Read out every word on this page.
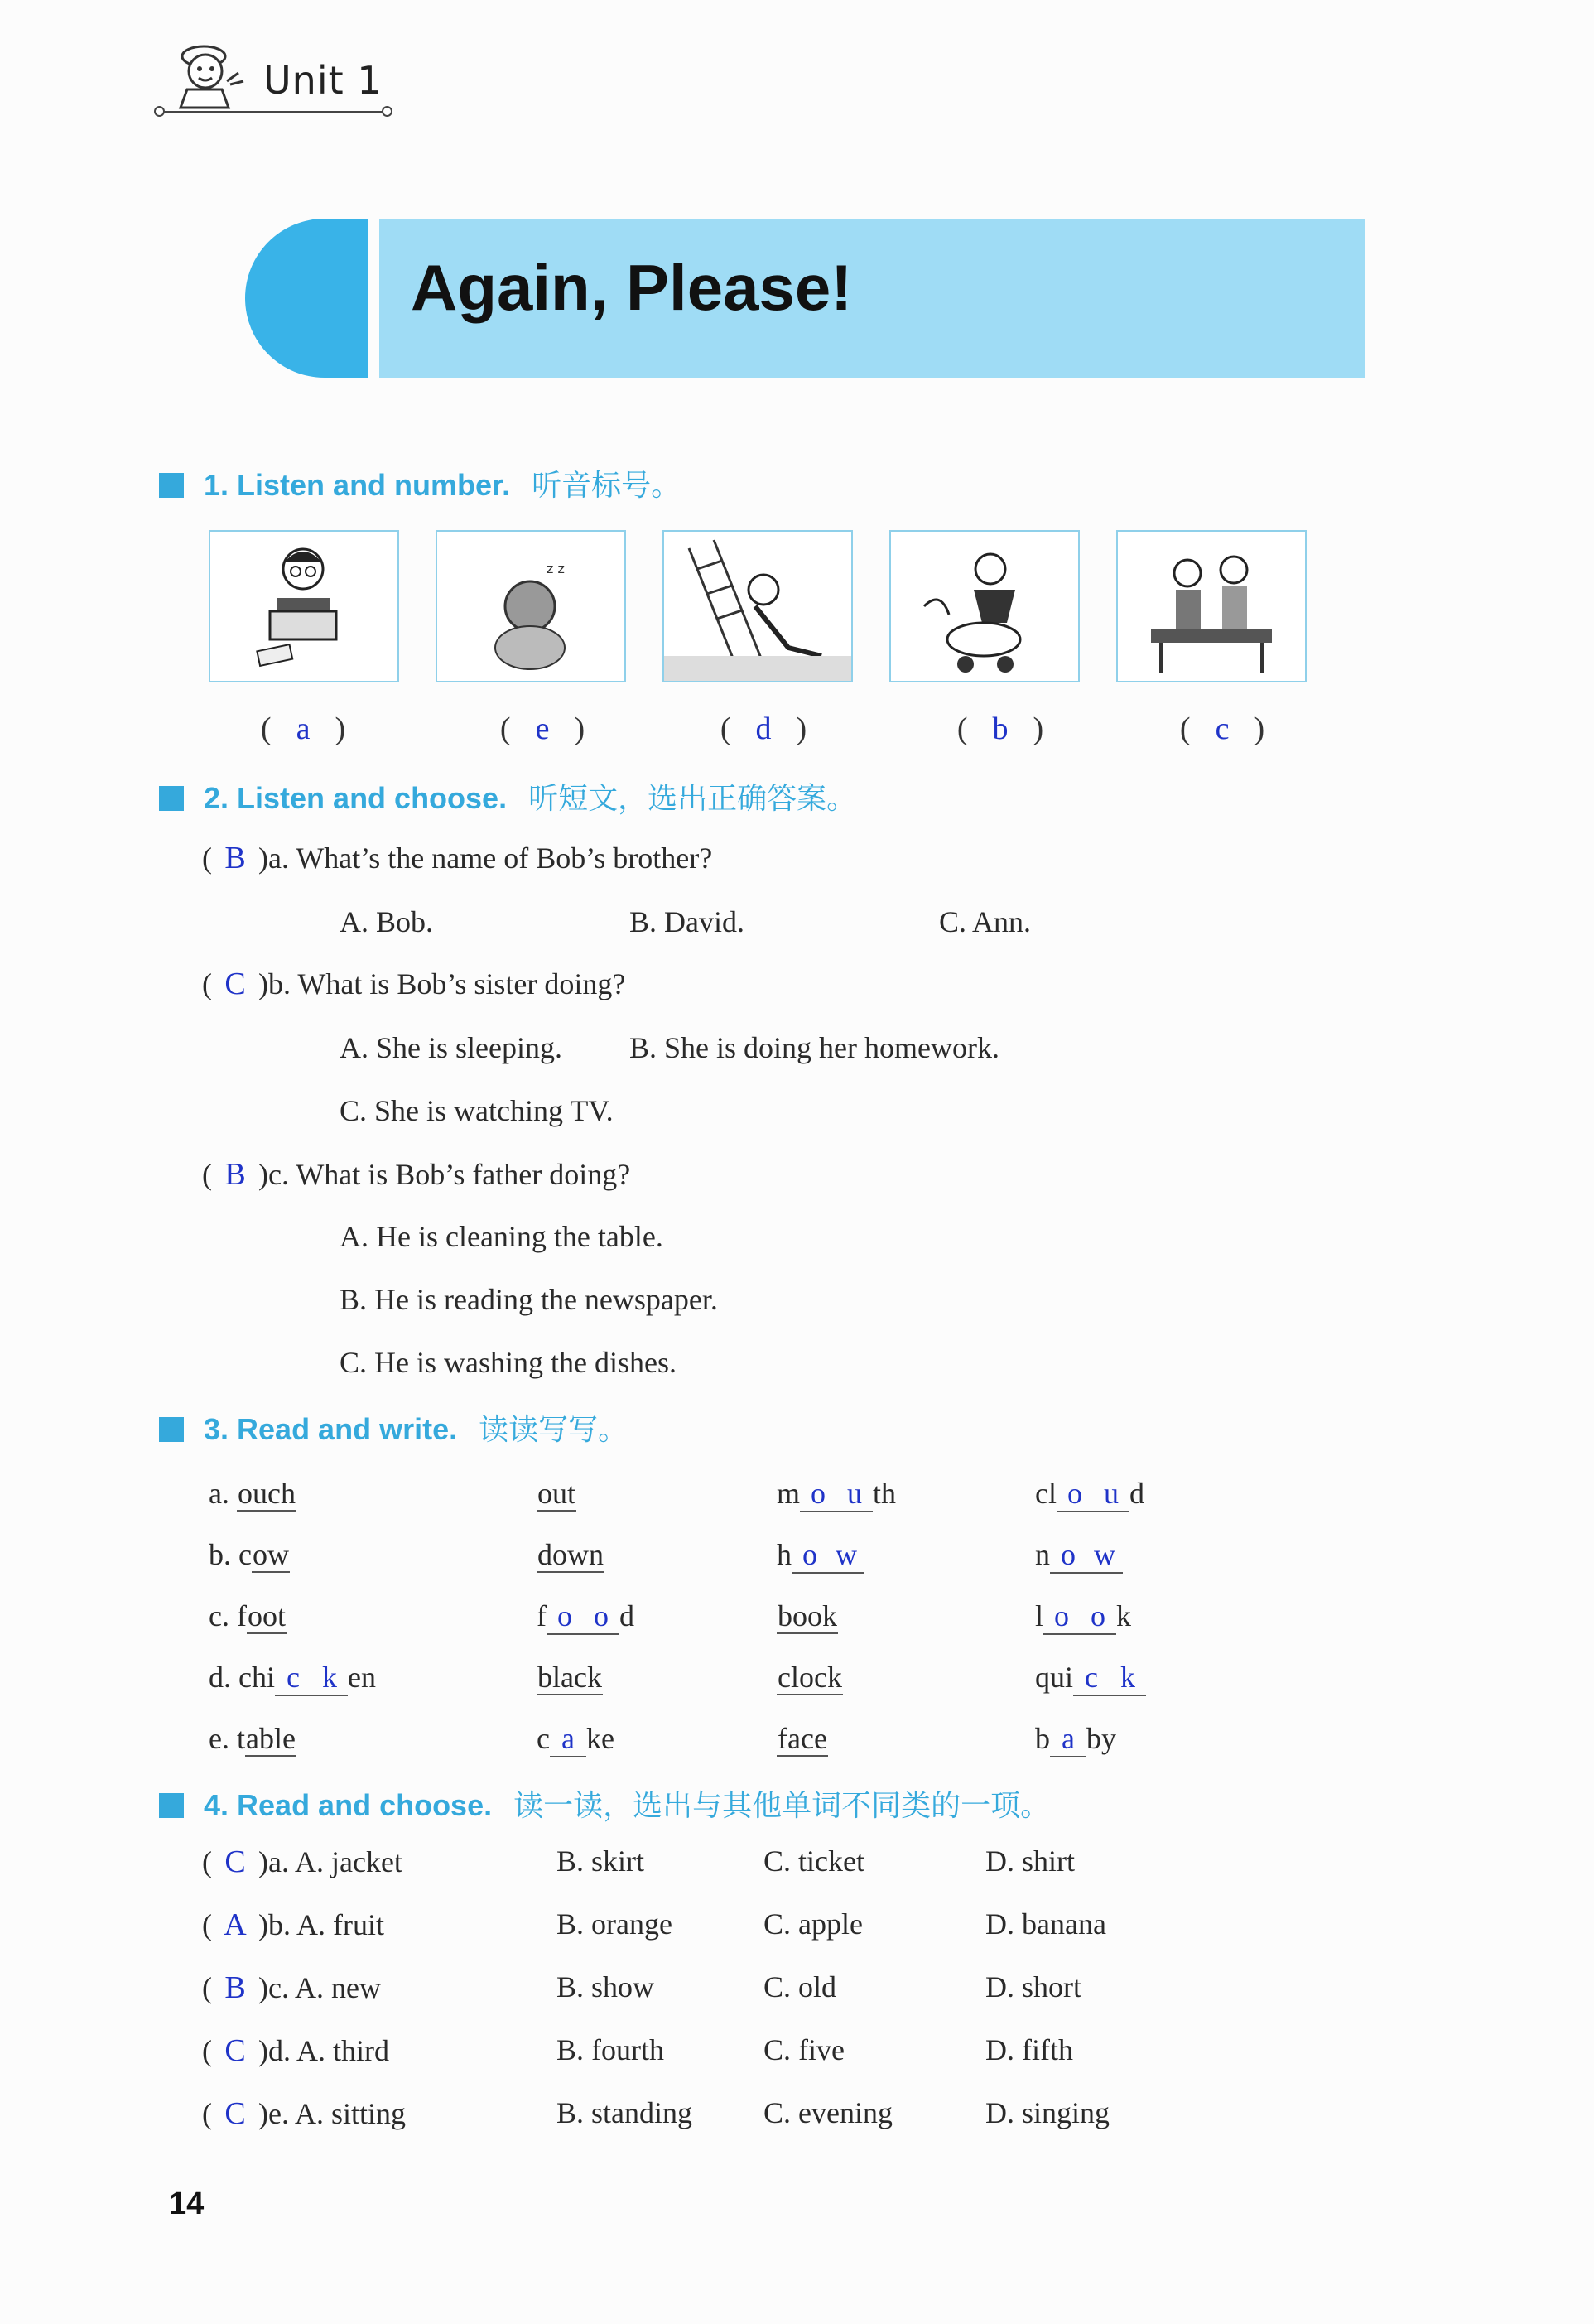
Unit 1
Again, Please!
1. Listen and number. 听音标号。
z z
( a )	( e )	( d )	( b )	( c )
2. Listen and choose. 听短文，选出正确答案。
( B )a. What’s the name of Bob’s brother?
A. Bob.	B. David.	C. Ann.
( C )b. What is Bob’s sister doing?
A. She is sleeping. B. She is doing her homework.
C. She is watching TV.
( B )c. What is Bob’s father doing?
A. He is cleaning the table.
B. He is reading the newspaper.
C. He is washing the dishes.
3. Read and write. 读读写写。
a. ouch	out	m o u th	cl o u d
b. cow	down	h o w	n o w
c. foot	f o o d	book	l o o k
d. chi c k en	black	clock	qui c k
e. table	c a ke	face	b a by
4. Read and choose. 读一读，选出与其他单词不同类的一项。
( C )a. A. jacket	B. skirt	C. ticket	D. shirt
( A )b. A. fruit	B. orange	C. apple	D. banana
( B )c. A. new	B. show	C. old	D. short
( C )d. A. third	B. fourth	C. five	D. fifth
( C )e. A. sitting	B. standing C. evening	D. singing
14
